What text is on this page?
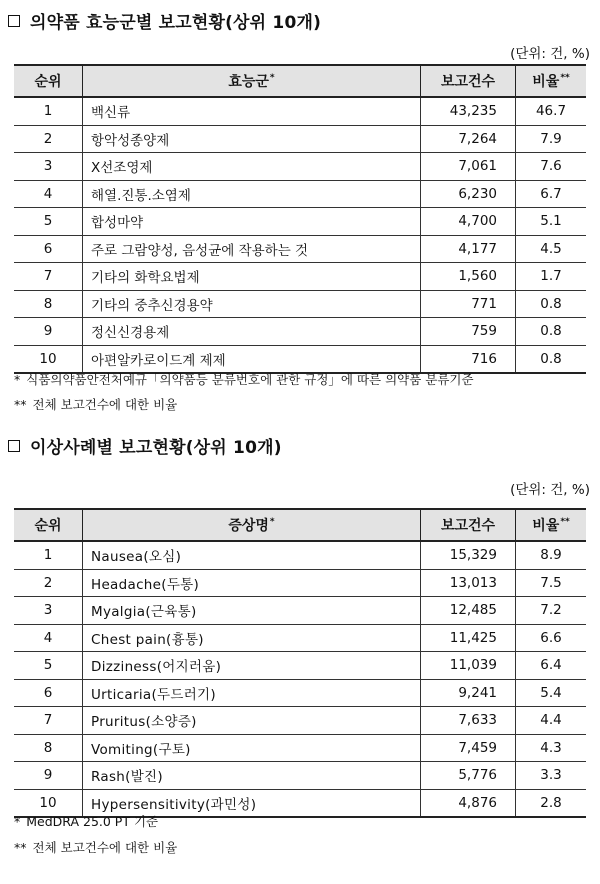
의약품 효능군별 보고현황(상위 10개)
(단위: 건, %)
순위	효능군*	보고건수	비율**
1	백신류	43,235	46.7
2	항악성종양제	7,264	7.9
3	X선조영제	7,061	7.6
4	해열.진통.소염제	6,230	6.7
5	합성마약	4,700	5.1
6	주로 그람양성, 음성균에 작용하는 것	4,177	4.5
7	기타의 화학요법제	1,560	1.7
8	기타의 중추신경용약	771	0.8
9	정신신경용제	759	0.8
10	아편알카로이드계 제제	716	0.8
* 식품의약품안전처예규「의약품등 분류번호에 관한 규정」에 따른 의약품 분류기준
** 전체 보고건수에 대한 비율
이상사례별 보고현황(상위 10개)
(단위: 건, %)
순위	증상명*	보고건수	비율**
1	Nausea(오심)	15,329	8.9
2	Headache(두통)	13,013	7.5
3	Myalgia(근육통)	12,485	7.2
4	Chest pain(흉통)	11,425	6.6
5	Dizziness(어지러움)	11,039	6.4
6	Urticaria(두드러기)	9,241	5.4
7	Pruritus(소양증)	7,633	4.4
8	Vomiting(구토)	7,459	4.3
9	Rash(발진)	5,776	3.3
10	Hypersensitivity(과민성)	4,876	2.8
* MedDRA 25.0 PT 기준
** 전체 보고건수에 대한 비율
